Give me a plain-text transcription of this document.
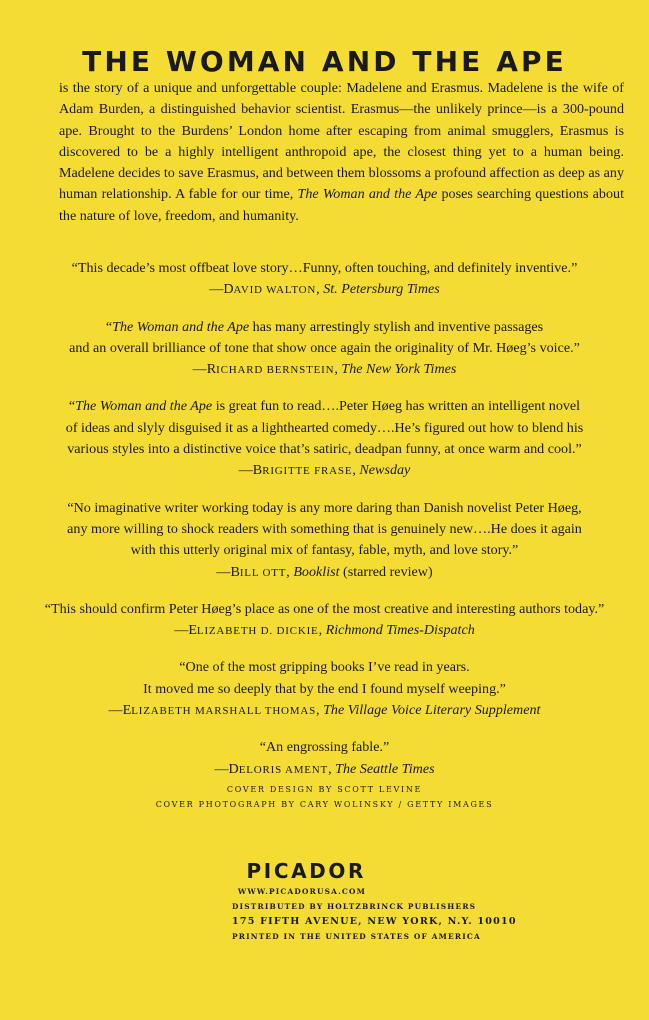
THE WOMAN AND THE APE

is the story of a unique and unforgettable couple: Madelene and Erasmus. Madelene is the wife of Adam Burden, a distinguished behavior scientist. Erasmus—the unlikely prince—is a 300-pound ape. Brought to the Burdens’ London home after escaping from animal smugglers, Erasmus is discovered to be a highly intelligent anthropoid ape, the closest thing yet to a human being. Madelene decides to save Erasmus, and between them blossoms a profound affection as deep as any human relationship. A fable for our time, The Woman and the Ape poses searching questions about the nature of love, freedom, and humanity.

“This decade’s most offbeat love story…Funny, often touching, and definitely inventive.”

—DAVID WALTON, St. Petersburg Times

“The Woman and the Ape has many arrestingly stylish and inventive passages

and an overall brilliance of tone that show once again the originality of Mr. Høeg’s voice.”

—RICHARD BERNSTEIN, The New York Times

“The Woman and the Ape is great fun to read….Peter Høeg has written an intelligent novel

of ideas and slyly disguised it as a lighthearted comedy….He’s figured out how to blend his

various styles into a distinctive voice that’s satiric, deadpan funny, at once warm and cool.”

—BRIGITTE FRASE, Newsday

“No imaginative writer working today is any more daring than Danish novelist Peter Høeg,

any more willing to shock readers with something that is genuinely new….He does it again

with this utterly original mix of fantasy, fable, myth, and love story.”

—BILL OTT, Booklist (starred review)

“This should confirm Peter Høeg’s place as one of the most creative and interesting authors today.”

—ELIZABETH D. DICKIE, Richmond Times-Dispatch

“One of the most gripping books I’ve read in years.

It moved me so deeply that by the end I found myself weeping.”

—ELIZABETH MARSHALL THOMAS, The Village Voice Literary Supplement

“An engrossing fable.”

—DELORIS AMENT, The Seattle Times

COVER DESIGN BY SCOTT LEVINE
COVER PHOTOGRAPH BY CARY WOLINSKY / GETTY IMAGES

PICADOR

WWW.PICADORUSA.COM
DISTRIBUTED BY HOLTZBRINCK PUBLISHERS
175 FIFTH AVENUE, NEW YORK, N.Y. 10010
PRINTED IN THE UNITED STATES OF AMERICA
